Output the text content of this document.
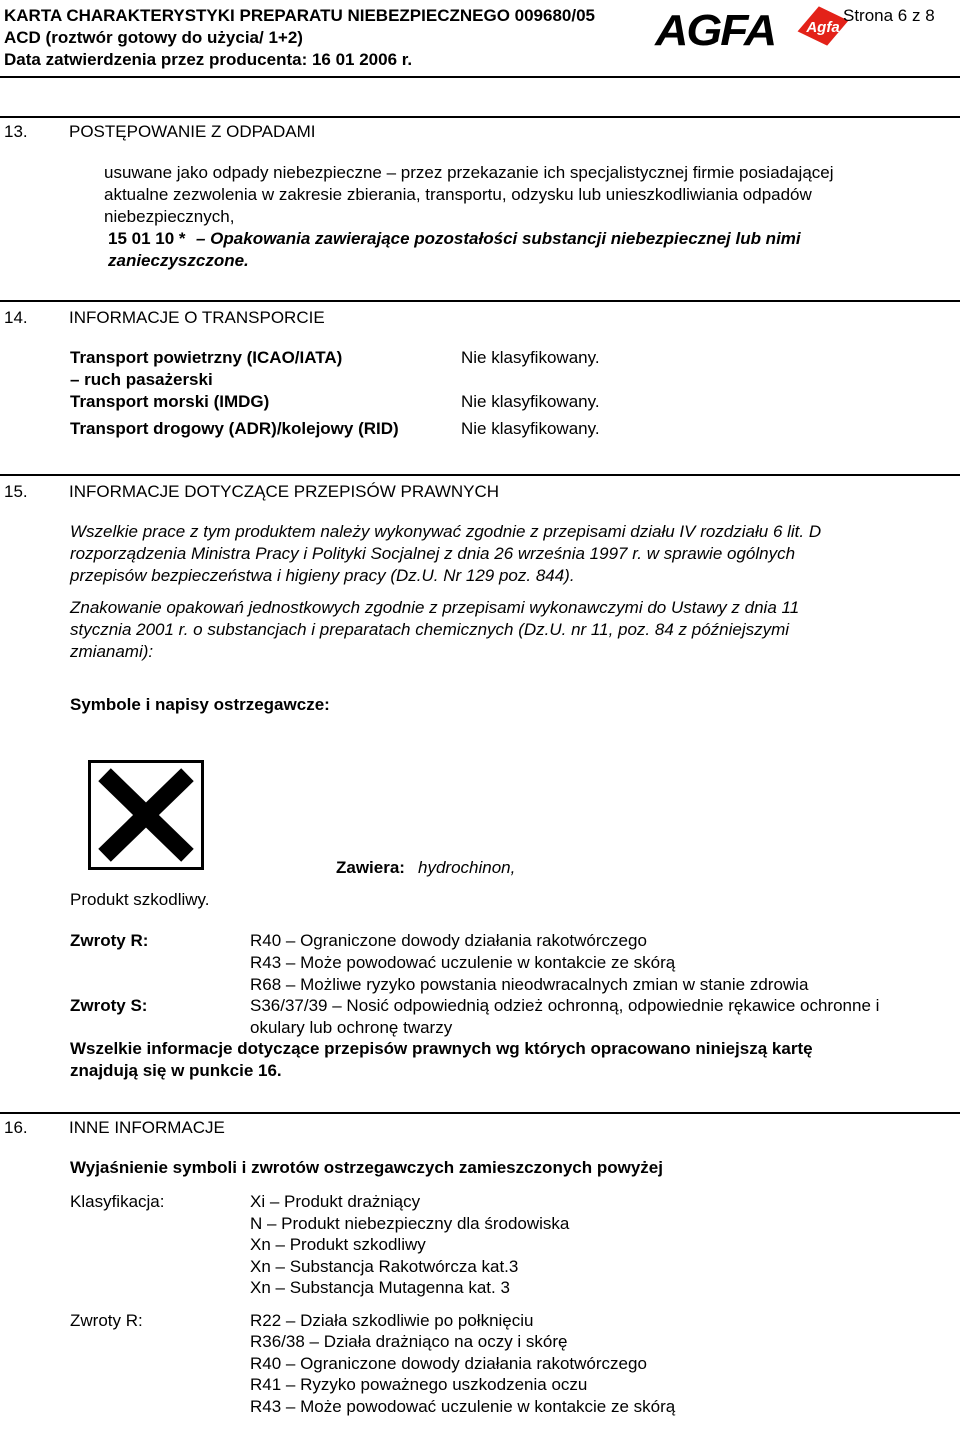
KARTA CHARAKTERYSTYKI PREPARATU NIEBEZPIECZNEGO 009680/05
ACD (roztwór gotowy do użycia/ 1+2)
Data zatwierdzenia przez producenta: 16 01 2006 r.
AGFA Agfa
Strona 6 z 8
13. POSTĘPOWANIE Z ODPADAMI
usuwane jako odpady niebezpieczne – przez przekazanie ich specjalistycznej firmie posiadającej
aktualne zezwolenia w zakresie zbierania, transportu, odzysku lub unieszkodliwiania odpadów
niebezpiecznych,
15 01 10 * – Opakowania zawierające pozostałości substancji niebezpiecznej lub nimi
zanieczyszczone.
14. INFORMACJE O TRANSPORCIE
Transport powietrzny (ICAO/IATA)	Nie klasyfikowany.
– ruch pasażerski
Transport morski (IMDG)	Nie klasyfikowany.
Transport drogowy (ADR)/kolejowy (RID)	Nie klasyfikowany.
15. INFORMACJE DOTYCZĄCE PRZEPISÓW PRAWNYCH
Wszelkie prace z tym produktem należy wykonywać zgodnie z przepisami działu IV rozdziału 6 lit. D
rozporządzenia Ministra Pracy i Polityki Socjalnej z dnia 26 września 1997 r. w sprawie ogólnych
przepisów bezpieczeństwa i higieny pracy (Dz.U. Nr 129 poz. 844).
Znakowanie opakowań jednostkowych zgodnie z przepisami wykonawczymi do Ustawy z dnia 11
stycznia 2001 r. o substancjach i preparatach chemicznych (Dz.U. nr 11, poz. 84 z późniejszymi
zmianami):
Symbole i napisy ostrzegawcze:
Produkt szkodliwy.
Zawiera: hydrochinon,
Zwroty R:	R40 – Ograniczone dowody działania rakotwórczego
R43 – Może powodować uczulenie w kontakcie ze skórą
R68 – Możliwe ryzyko powstania nieodwracalnych zmian w stanie zdrowia
Zwroty S:	S36/37/39 – Nosić odpowiednią odzież ochronną, odpowiednie rękawice ochronne i
okulary lub ochronę twarzy
Wszelkie informacje dotyczące przepisów prawnych wg których opracowano niniejszą kartę
znajdują się w punkcie 16.
16. INNE INFORMACJE
Wyjaśnienie symboli i zwrotów ostrzegawczych zamieszczonych powyżej
Klasyfikacja:	Xi – Produkt drażniący
N – Produkt niebezpieczny dla środowiska
Xn – Produkt szkodliwy
Xn – Substancja Rakotwórcza kat.3
Xn – Substancja Mutagenna kat. 3
Zwroty R:	R22 – Działa szkodliwie po połknięciu
R36/38 – Działa drażniąco na oczy i skórę
R40 – Ograniczone dowody działania rakotwórczego
R41 – Ryzyko poważnego uszkodzenia oczu
R43 – Może powodować uczulenie w kontakcie ze skórą
